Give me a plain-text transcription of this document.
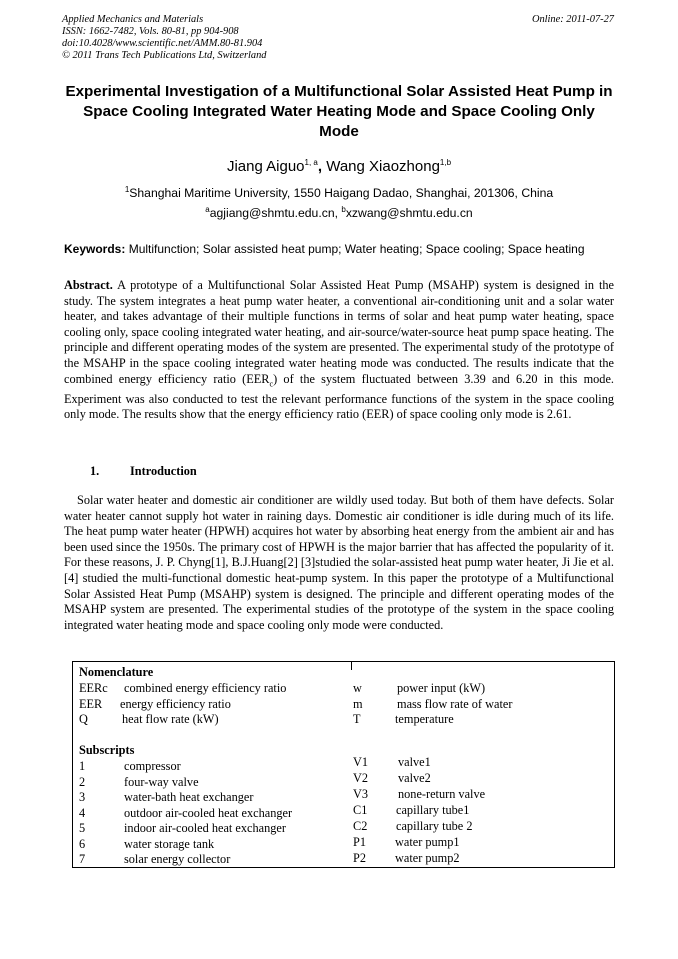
Applied Mechanics and Materials
ISSN: 1662-7482, Vols. 80-81, pp 904-908
doi:10.4028/www.scientific.net/AMM.80-81.904
© 2011 Trans Tech Publications Ltd, Switzerland
Online: 2011-07-27
Experimental Investigation of a Multifunctional Solar Assisted Heat Pump in Space Cooling Integrated Water Heating Mode and Space Cooling Only Mode
Jiang Aiguo$^{1, a}$, Wang Xiaozhong$^{1,b}$
$^1$Shanghai Maritime University, 1550 Haigang Dadao, Shanghai, 201306, China
$^a$agjiang@shmtu.edu.cn, $^b$xzwang@shmtu.edu.cn
Keywords: Multifunction; Solar assisted heat pump; Water heating; Space cooling; Space heating
Abstract. A prototype of a Multifunctional Solar Assisted Heat Pump (MSAHP) system is designed in the study. The system integrates a heat pump water heater, a conventional air-conditioning unit and a solar water heater, and takes advantage of their multiple functions in terms of solar and heat pump water heating, space cooling only, space cooling integrated water heating, and air-source/water-source heat pump space heating. The principle and different operating modes of the system are presented. The experimental study of the prototype of the MSAHP in the space cooling integrated water heating mode was conducted. The results indicate that the combined energy efficiency ratio $(EER_c)$ of the system fluctuated between 3.39 and 6.20 in this mode. Experiment was also conducted to test the relevant performance functions of the system in the space cooling only mode. The results show that the energy efficiency ratio (EER) of space cooling only mode is 2.61.
1.	Introduction
Solar water heater and domestic air conditioner are wildly used today. But both of them have defects. Solar water heater cannot supply hot water in raining days. Domestic air conditioner is idle during much of its life. The heat pump water heater (HPWH) acquires hot water by absorbing heat energy from the ambient air and has been used since the 1950s. The primary cost of HPWH is the major barrier that has affected the popularity of it. For these reasons, J. P. Chyng[1], B.J.Huang[2] [3]studied the solar-assisted heat pump water heater, Ji Jie et al.[4] studied the multi-functional domestic heat-pump system. In this paper the prototype of a Multifunctional Solar Assisted Heat Pump (MSAHP) system is designed. The principle and different operating modes of the MSAHP system are presented. The experimental studies of the prototype of the system in the space cooling integrated water heating mode and space cooling only mode were conducted.
Nomenclature
EERc combined energy efficiency ratio
EER energy efficiency ratio
Q	heat flow rate (kW)
w	power input (kW)
m	mass flow rate of water
T	temperature
Subscripts
1	compressor
2	four-way valve
3	water-bath heat exchanger
4	outdoor air-cooled heat exchanger
5	indoor air-cooled heat exchanger
6	water storage tank
7	solar energy collector
V1 valve1
V2 valve2
V3 none-return valve
C1 capillary tube1
C2 capillary tube 2
P1 water pump1
P2 water pump2
